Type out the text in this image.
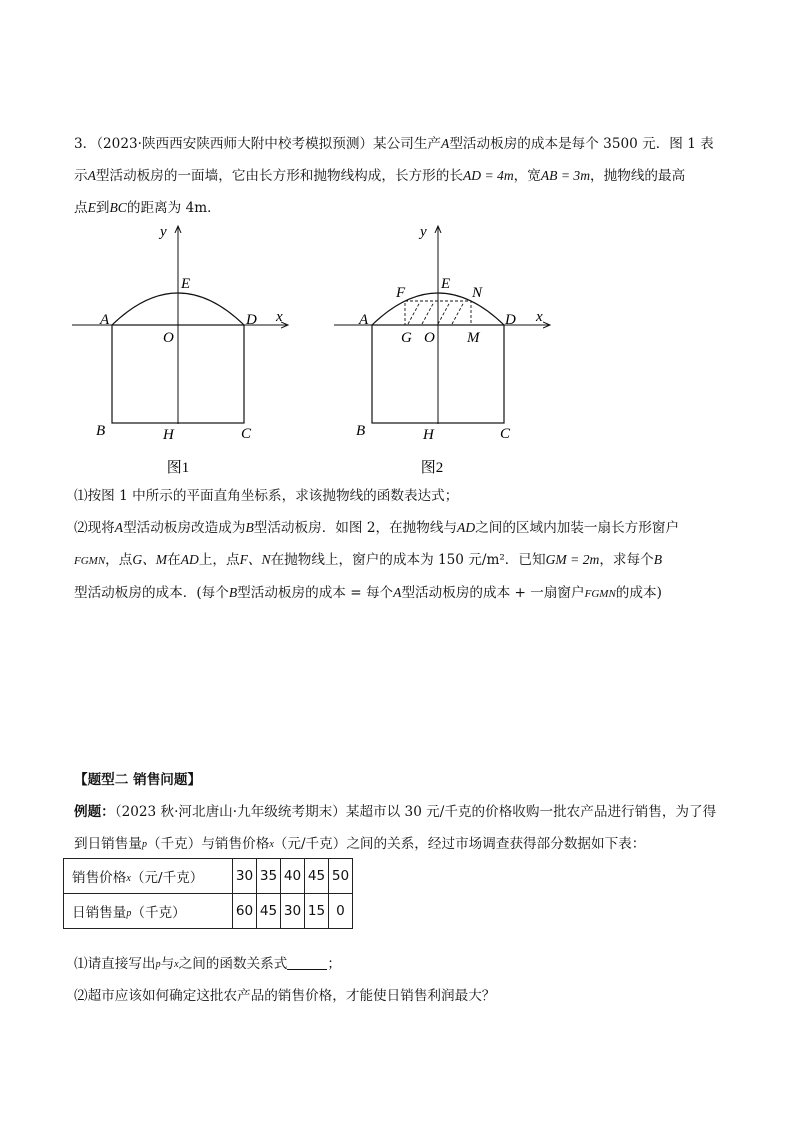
3．（2023·陕西西安陕西师大附中校考模拟预测）某公司生产A型活动板房的成本是每个 3500 元．图 1 表
示A型活动板房的一面墙，它由长方形和抛物线构成，长方形的长AD = 4m，宽AB = 3m，抛物线的最高
点E到BC的距离为 4m．

y
x
E
A	D
O
B	H	C
图1
y
x
E
F	N
A	D
G O M
B	H	C
图2

⑴按图 1 中所示的平面直角坐标系，求该抛物线的函数表达式；

⑵现将A型活动板房改造成为B型活动板房．如图 2，在抛物线与AD之间的区域内加装一扇长方形窗户
FGMN，点G、M在AD上，点F、N在抛物线上，窗户的成本为 150 元/m²．已知GM = 2m，求每个B
型活动板房的成本．(每个B型活动板房的成本 = 每个A型活动板房的成本 + 一扇窗户FGMN的成本)

【题型二 销售问题】

例题：（2023 秋·河北唐山·九年级统考期末）某超市以 30 元/千克的价格收购一批农产品进行销售，为了得
到日销售量p（千克）与销售价格x（元/千克）之间的关系，经过市场调查获得部分数据如下表：

销售价格x（元/千克）	30	35	40	45	50
日销售量p（千克）	60	45	30	15	0

⑴请直接写出p与x之间的函数关系式	；

⑵超市应该如何确定这批农产品的销售价格，才能使日销售利润最大？
